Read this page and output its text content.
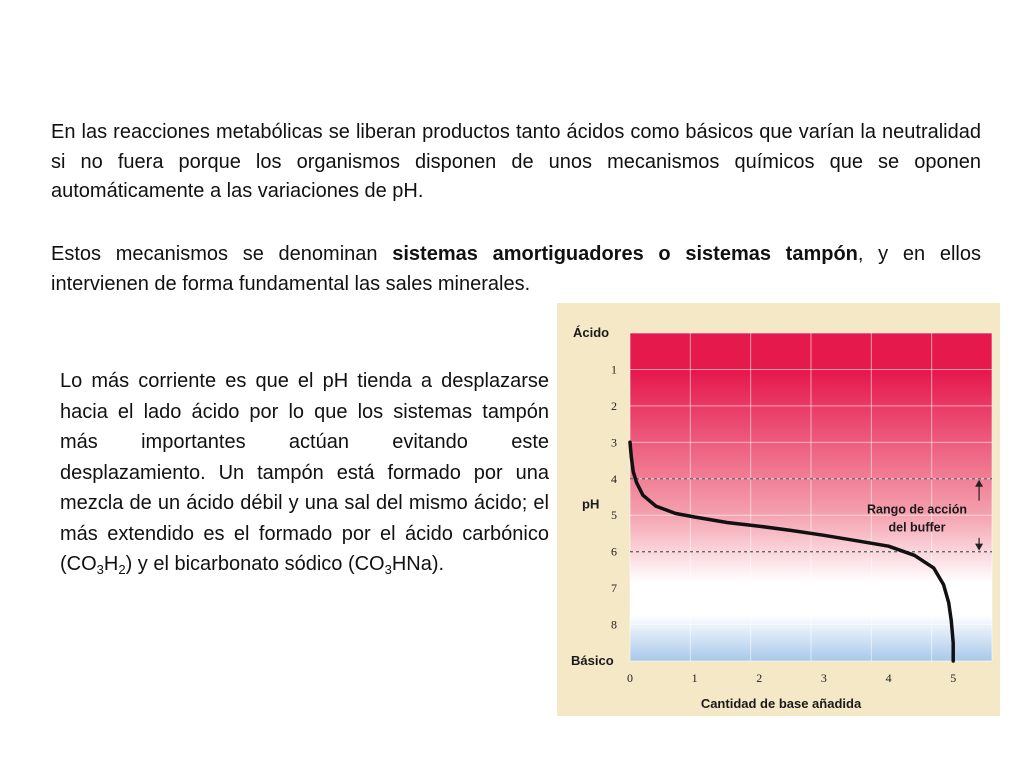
En las reacciones metabólicas se liberan productos tanto ácidos como básicos que varían la neutralidad si no fuera porque los organismos disponen de unos mecanismos químicos que se oponen automáticamente a las variaciones de pH.

Estos mecanismos se denominan sistemas amortiguadores o sistemas tampón, y en ellos intervienen de forma fundamental las sales minerales.

Lo más corriente es que el pH tienda a desplazarse hacia el lado ácido por lo que los sistemas tampón más importantes actúan evitando este desplazamiento. Un tampón está formado por una mezcla de un ácido débil y una sal del mismo ácido; el más extendido es el formado por el ácido carbónico $(CO_3H_2)$ y el bicarbonato sódico $(CO_3HNa)$.

Rango de acción
del buffer
Ácido
Básico
pH
Cantidad de base añadida
1
2
3
4
5
6
7
8
0	1	2	3	4	5
